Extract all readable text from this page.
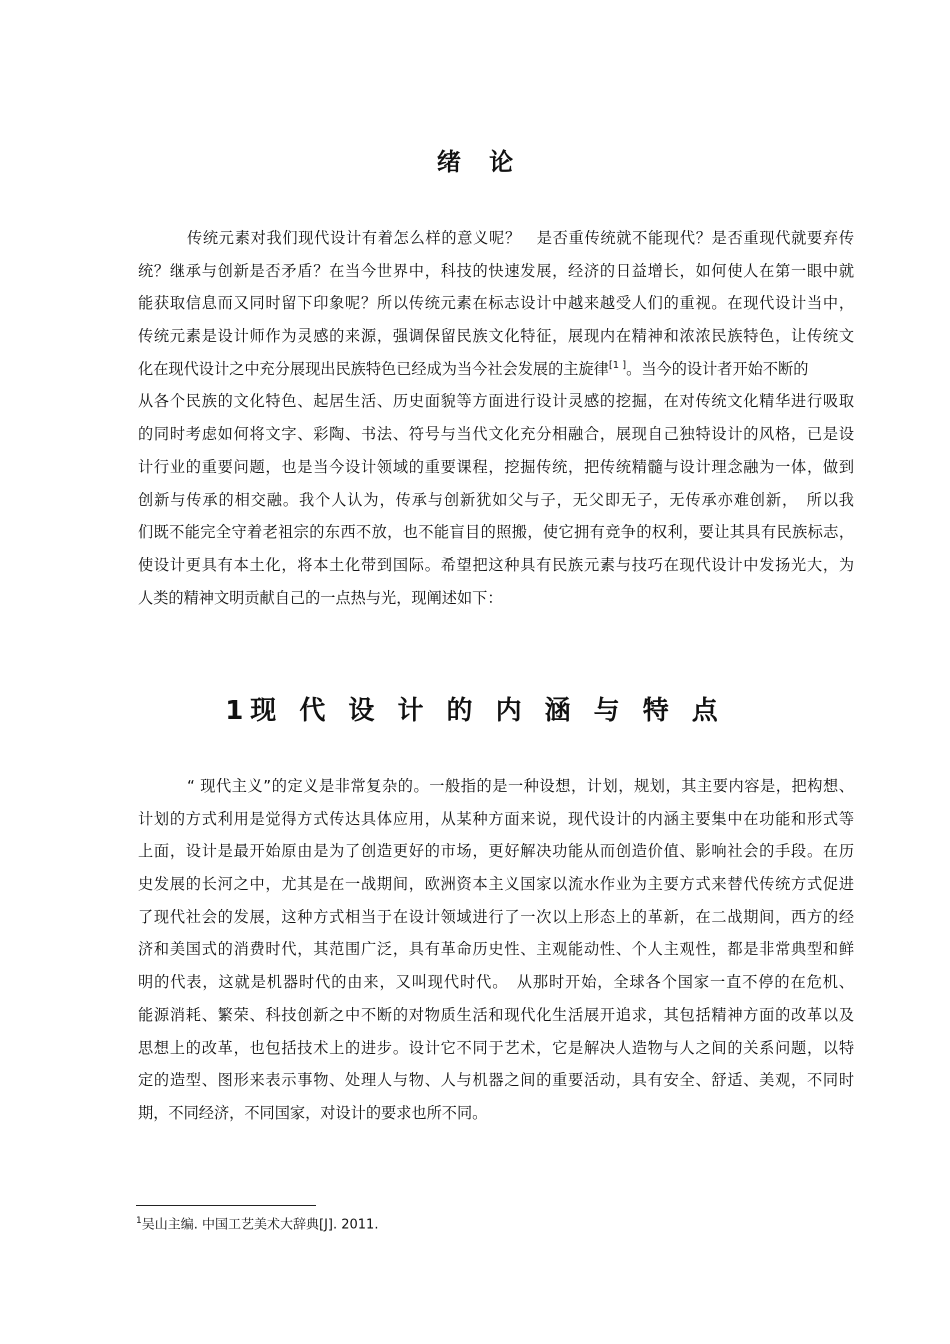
绪 论
传统元素对我们现代设计有着怎么样的意义呢？　是否重传统就不能现代？是否重现代就要弃传
统？继承与创新是否矛盾？在当今世界中，科技的快速发展，经济的日益增长，如何使人在第一眼中就
能获取信息而又同时留下印象呢？所以传统元素在标志设计中越来越受人们的重视。在现代设计当中，
传统元素是设计师作为灵感的来源，强调保留民族文化特征，展现内在精神和浓浓民族特色，让传统文
化在现代设计之中充分展现出民族特色已经成为当今社会发展的主旋律[1 ]。当今的设计者开始不断的
从各个民族的文化特色、起居生活、历史面貌等方面进行设计灵感的挖掘，在对传统文化精华进行吸取
的同时考虑如何将文字、彩陶、书法、符号与当代文化充分相融合，展现自己独特设计的风格，已是设
计行业的重要问题，也是当今设计领域的重要课程，挖掘传统，把传统精髓与设计理念融为一体，做到
创新与传承的相交融。我个人认为，传承与创新犹如父与子，无父即无子，无传承亦难创新，　所以我
们既不能完全守着老祖宗的东西不放，也不能盲目的照搬，使它拥有竞争的权利，要让其具有民族标志，
使设计更具有本土化，将本土化带到国际。希望把这种具有民族元素与技巧在现代设计中发扬光大，为
人类的精神文明贡献自己的一点热与光，现阐述如下：
1现 代 设 计 的 内 涵 与 特 点
“ 现代主义”的定义是非常复杂的。一般指的是一种设想，计划，规划，其主要内容是，把构想、
计划的方式利用是觉得方式传达具体应用，从某种方面来说，现代设计的内涵主要集中在功能和形式等
上面，设计是最开始原由是为了创造更好的市场，更好解决功能从而创造价值、影响社会的手段。在历
史发展的长河之中，尤其是在一战期间，欧洲资本主义国家以流水作业为主要方式来替代传统方式促进
了现代社会的发展，这种方式相当于在设计领域进行了一次以上形态上的革新，在二战期间，西方的经
济和美国式的消费时代，其范围广泛，具有革命历史性、主观能动性、个人主观性，都是非常典型和鲜
明的代表，这就是机器时代的由来，又叫现代时代。　从那时开始，全球各个国家一直不停的在危机、
能源消耗、繁荣、科技创新之中不断的对物质生活和现代化生活展开追求，其包括精神方面的改革以及
思想上的改革，也包括技术上的进步。设计它不同于艺术，它是解决人造物与人之间的关系问题，以特
定的造型、图形来表示事物、处理人与物、人与机器之间的重要活动，具有安全、舒适、美观，不同时
期，不同经济，不同国家，对设计的要求也所不同。
$^1$吴山主编. 中国工艺美术大辞典[J]. 2011.
